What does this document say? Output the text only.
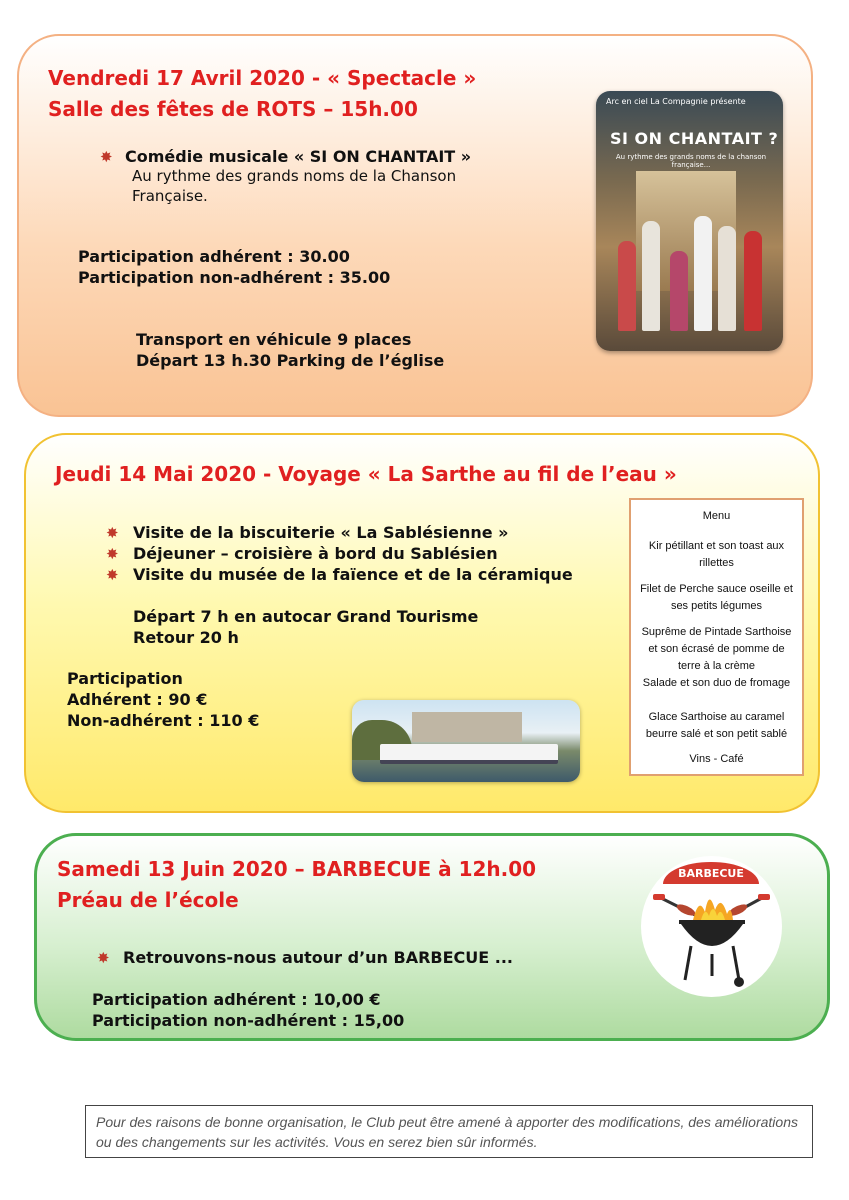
Vendredi 17 Avril 2020 - « Spectacle »
Salle des fêtes de ROTS – 15h.00
✸ Comédie musicale « SI ON CHANTAIT »
Au rythme des grands noms de la Chanson
Française.
Participation adhérent : 30.00
Participation non-adhérent : 35.00
Transport en véhicule 9 places
Départ 13 h.30 Parking de l’église
Arc en ciel La Compagnie présente
SI ON CHANTAIT ?
Au rythme des grands noms de la chanson française...
Jeudi 14 Mai 2020 - Voyage « La Sarthe au fil de l’eau »
✸ Visite de la biscuiterie « La Sablésienne »
✸ Déjeuner – croisière à bord du Sablésien
✸ Visite du musée de la faïence et de la céramique
Départ 7 h en autocar Grand Tourisme
Retour 20 h
Participation
Adhérent : 90 €
Non-adhérent : 110 €
Menu
Kir pétillant et son toast aux
rillettes
Filet de Perche sauce oseille et
ses petits légumes
Suprême de Pintade Sarthoise
et son écrasé de pomme de
terre à la crème
Salade et son duo de fromage
Glace Sarthoise au caramel
beurre salé et son petit sablé
Vins - Café
Samedi 13 Juin 2020 – BARBECUE à 12h.00
Préau de l’école
✸ Retrouvons-nous autour d’un BARBECUE ...
Participation adhérent : 10,00 €
Participation non-adhérent : 15,00
BARBECUE
Pour des raisons de bonne organisation, le Club peut être amené à apporter des modifications, des améliorations ou des changements sur les activités. Vous en serez bien sûr informés.
